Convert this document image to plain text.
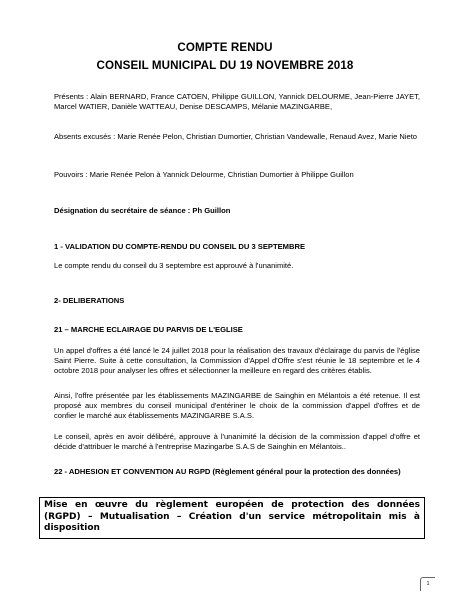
COMPTE RENDU
CONSEIL MUNICIPAL DU 19 NOVEMBRE 2018

Présents : Alain BERNARD, France CATOEN, Philippe GUILLON, Yannick DELOURME, Jean-Pierre JAYET, Marcel WATIER, Danièle WATTEAU, Denise DESCAMPS, Mélanie MAZINGARBE,

Absents excusés : Marie Renée Pelon, Christian Dumortier, Christian Vandewalle, Renaud Avez, Marie Nieto

Pouvoirs : Marie Renée Pelon à Yannick Delourme, Christian Dumortier à Philippe Guillon

Désignation du secrétaire de séance : Ph Guillon

1 - VALIDATION DU COMPTE-RENDU DU CONSEIL DU 3 SEPTEMBRE

Le compte rendu du conseil du 3 septembre est approuvé à l'unanimité.

2- DELIBERATIONS

21 – MARCHE ECLAIRAGE DU PARVIS DE L'EGLISE

Un appel d'offres a été lancé le 24 juillet 2018 pour la réalisation des travaux d'éclairage du parvis de l'église Saint Pierre. Suite à cette consultation, la Commission d'Appel d'Offre s'est réunie le 18 septembre et le 4 octobre 2018 pour analyser les offres et sélectionner la meilleure en regard des critères établis.

Ainsi, l'offre présentée par les établissements MAZINGARBE de Sainghin en Mélantois a été retenue. Il est proposé aux membres du conseil municipal d'entériner le choix de la commission d'appel d'offres et de confier le marché aux établissements MAZINGARBE S.A.S.

Le conseil, après en avoir délibéré, approuve à l'unanimité la décision de la commission d'appel d'offre et décide d'attribuer le marché à l'entreprise Mazingarbe S.A.S de Sainghin en Mélantois..

22 - ADHESION ET CONVENTION AU RGPD (Règlement général pour la protection des données)

Mise en œuvre du règlement européen de protection des données (RGPD) – Mutualisation – Création d'un service métropolitain mis à disposition
1
